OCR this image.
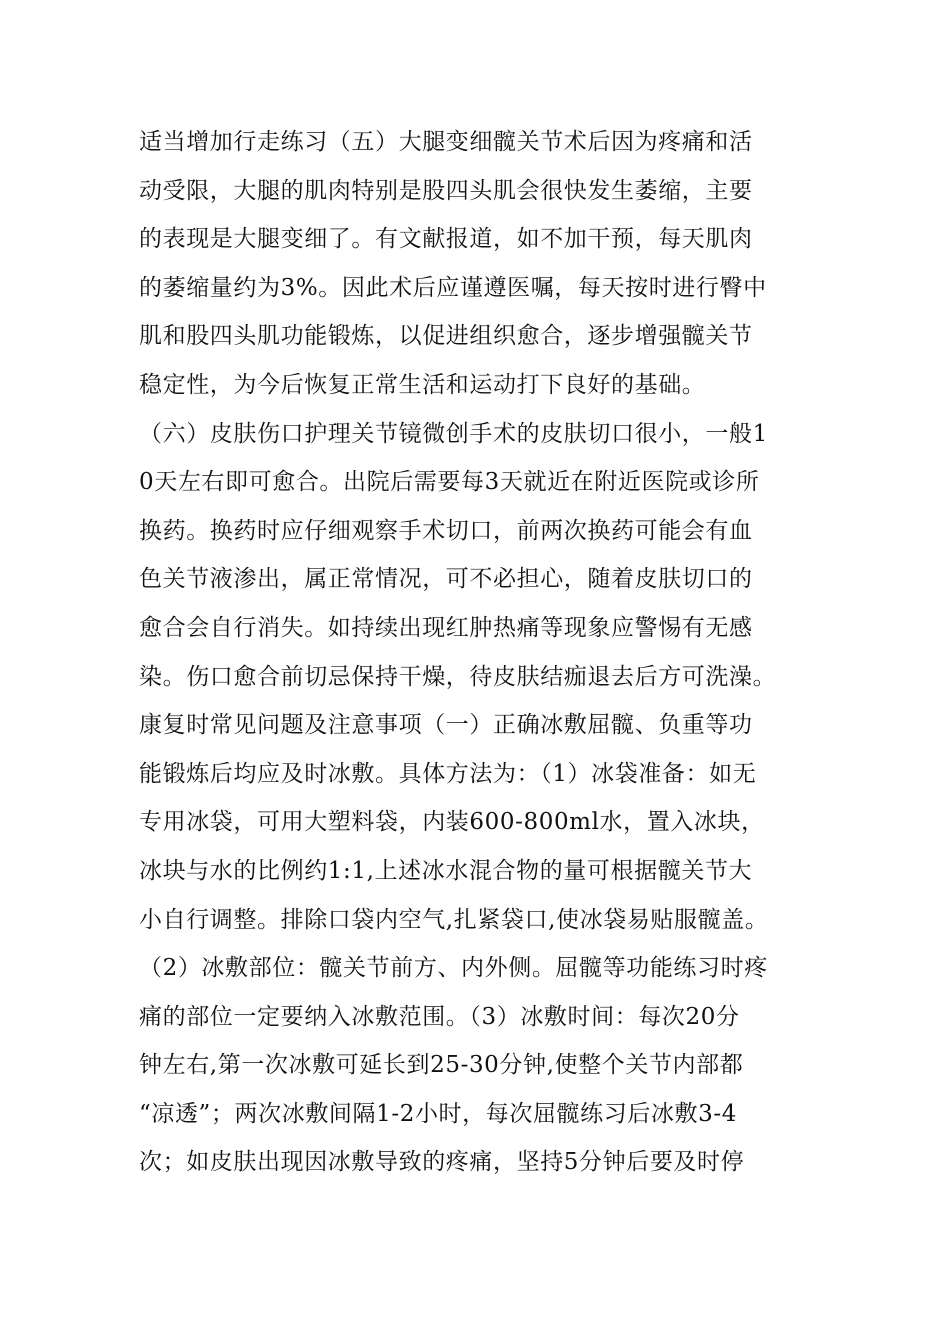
适当增加行走练习（五）大腿变细髋关节术后因为疼痛和活
动受限，大腿的肌肉特别是股四头肌会很快发生萎缩，主要
的表现是大腿变细了。有文献报道，如不加干预，每天肌肉
的萎缩量约为3%。因此术后应谨遵医嘱，每天按时进行臀中
肌和股四头肌功能锻炼，以促进组织愈合，逐步增强髋关节
稳定性，为今后恢复正常生活和运动打下良好的基础。
（六）皮肤伤口护理关节镜微创手术的皮肤切口很小，一般1
0天左右即可愈合。出院后需要每3天就近在附近医院或诊所
换药。换药时应仔细观察手术切口，前两次换药可能会有血
色关节液渗出，属正常情况，可不必担心，随着皮肤切口的
愈合会自行消失。如持续出现红肿热痛等现象应警惕有无感
染。伤口愈合前切忌保持干燥，待皮肤结痂退去后方可洗澡。
康复时常见问题及注意事项（一）正确冰敷屈髋、负重等功
能锻炼后均应及时冰敷。具体方法为：（1）冰袋准备：如无
专用冰袋，可用大塑料袋，内装600-800ml水，置入冰块，
冰块与水的比例约1:1,上述冰水混合物的量可根据髋关节大
小自行调整。排除口袋内空气,扎紧袋口,使冰袋易贴服髋盖。
（2）冰敷部位：髋关节前方、内外侧。屈髋等功能练习时疼
痛的部位一定要纳入冰敷范围。（3）冰敷时间：每次20分
钟左右,第一次冰敷可延长到25-30分钟,使整个关节内部都
“凉透”；两次冰敷间隔1-2小时，每次屈髋练习后冰敷3-4
次；如皮肤出现因冰敷导致的疼痛，坚持5分钟后要及时停
